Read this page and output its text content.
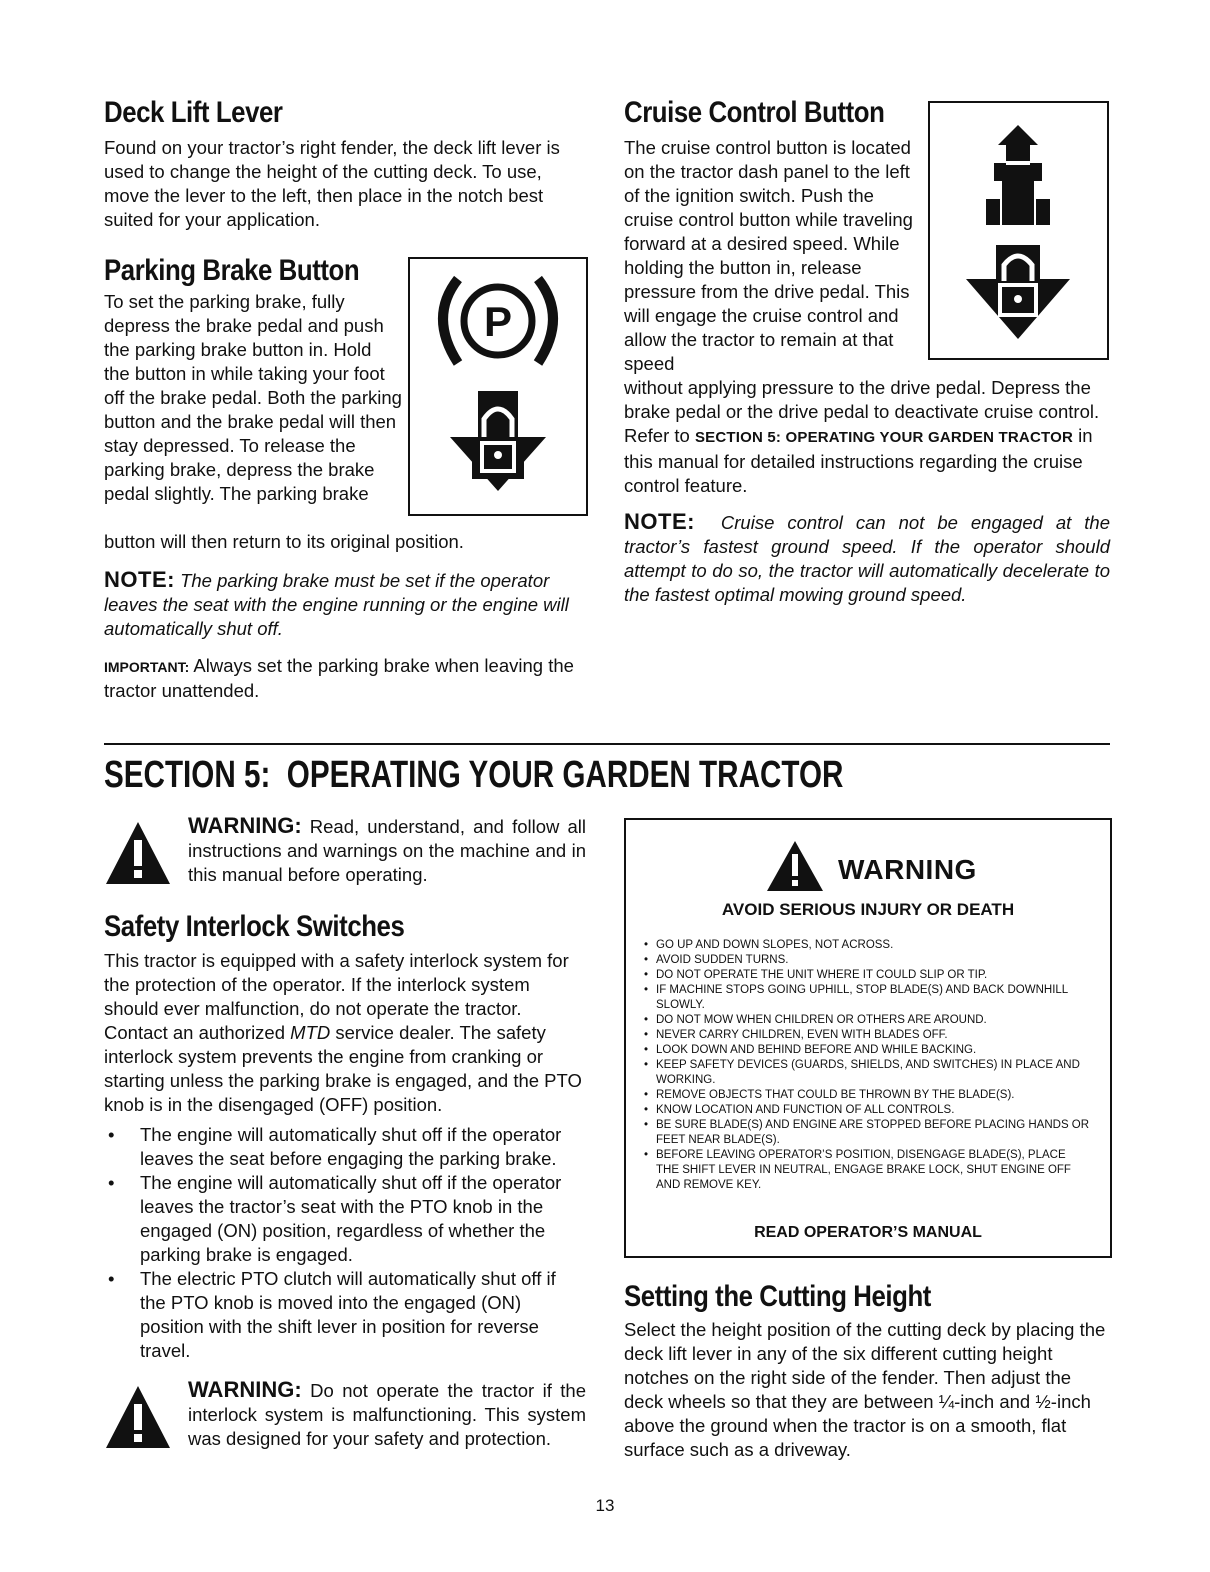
Deck Lift Lever

Found on your tractor’s right fender, the deck lift lever is used to change the height of the cutting deck. To use, move the lever to the left, then place in the notch best suited for your application.

Parking Brake Button
P

To set the parking brake, fully depress the brake pedal and push the parking brake button in. Hold the button in while taking your foot off the brake pedal. Both the parking button and the brake pedal will then stay depressed. To release the parking brake, depress the brake pedal slightly. The parking brake

button will then return to its original position.

NOTE: The parking brake must be set if the operator leaves the seat with the engine running or the engine will automatically shut off.

IMPORTANT: Always set the parking brake when leaving the tractor unattended.

Cruise Control Button

The cruise control button is located on the tractor dash panel to the left of the ignition switch. Push the cruise control button while traveling forward at a desired speed. While holding the button in, release pressure from the drive pedal. This will engage the cruise control and allow the tractor to remain at that speed

without applying pressure to the drive pedal. Depress the brake pedal or the drive pedal to deactivate cruise control. Refer to SECTION 5: OPERATING YOUR GARDEN TRACTOR in this manual for detailed instructions regarding the cruise control feature.

NOTE: Cruise control can not be engaged at the tractor’s fastest ground speed. If the operator should attempt to do so, the tractor will automatically decelerate to the fastest optimal mowing ground speed.

SECTION 5:  OPERATING YOUR GARDEN TRACTOR

WARNING: Read, understand, and follow all instructions and warnings on the machine and in this manual before operating.

Safety Interlock Switches

This tractor is equipped with a safety interlock system for the protection of the operator. If the interlock system should ever malfunction, do not operate the tractor. Contact an authorized MTD service dealer. The safety interlock system prevents the engine from cranking or starting unless the parking brake is engaged, and the PTO knob is in the disengaged (OFF) position.

• The engine will automatically shut off if the operator leaves the seat before engaging the parking brake.
• The engine will automatically shut off if the operator leaves the tractor’s seat with the PTO knob in the engaged (ON) position, regardless of whether the parking brake is engaged.
• The electric PTO clutch will automatically shut off if the PTO knob is moved into the engaged (ON) position with the shift lever in position for reverse travel.

WARNING: Do not operate the tractor if the interlock system is malfunctioning. This system was designed for your safety and protection.

WARNING
AVOID SERIOUS INJURY OR DEATH
• GO UP AND DOWN SLOPES, NOT ACROSS.
• AVOID SUDDEN TURNS.
• DO NOT OPERATE THE UNIT WHERE IT COULD SLIP OR TIP.
• IF MACHINE STOPS GOING UPHILL, STOP BLADE(S) AND BACK DOWNHILL SLOWLY.
• DO NOT MOW WHEN CHILDREN OR OTHERS ARE AROUND.
• NEVER CARRY CHILDREN, EVEN WITH BLADES OFF.
• LOOK DOWN AND BEHIND BEFORE AND WHILE BACKING.
• KEEP SAFETY DEVICES (GUARDS, SHIELDS, AND SWITCHES) IN PLACE AND WORKING.
• REMOVE OBJECTS THAT COULD BE THROWN BY THE BLADE(S).
• KNOW LOCATION AND FUNCTION OF ALL CONTROLS.
• BE SURE BLADE(S) AND ENGINE ARE STOPPED BEFORE PLACING HANDS OR FEET NEAR BLADE(S).
• BEFORE LEAVING OPERATOR’S POSITION, DISENGAGE BLADE(S), PLACE THE SHIFT LEVER IN NEUTRAL, ENGAGE BRAKE LOCK, SHUT ENGINE OFF AND REMOVE KEY.
READ OPERATOR’S MANUAL
Setting the Cutting Height

Select the height position of the cutting deck by placing the deck lift lever in any of the six different cutting height notches on the right side of the fender. Then adjust the deck wheels so that they are between ¼-inch and ½-inch above the ground when the tractor is on a smooth, flat surface such as a driveway.

13
